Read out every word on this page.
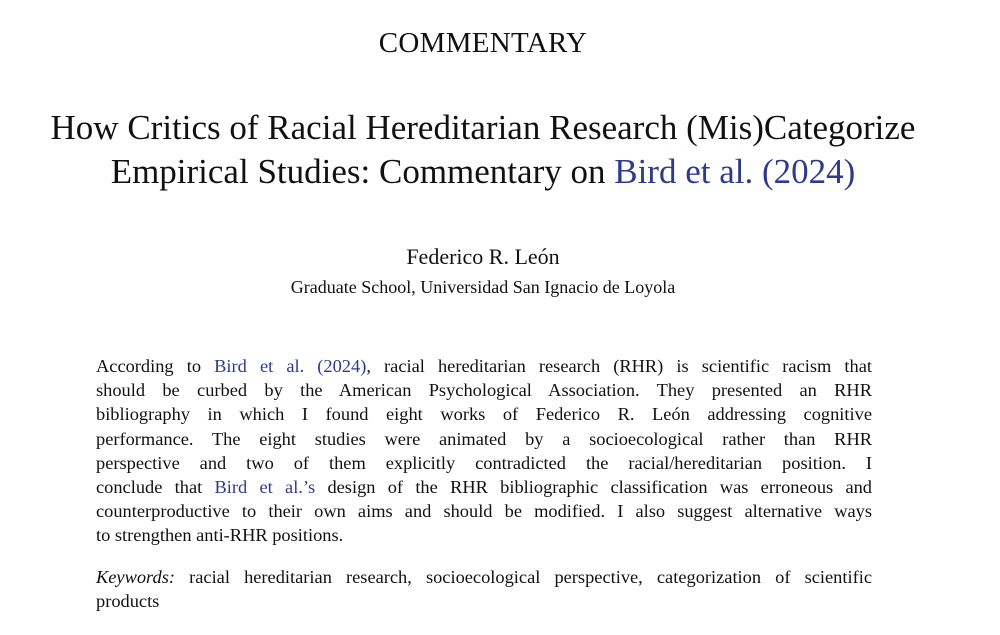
COMMENTARY
How Critics of Racial Hereditarian Research (Mis)Categorize
Empirical Studies: Commentary on Bird et al. (2024)
Federico R. León
Graduate School, Universidad San Ignacio de Loyola
According to Bird et al. (2024), racial hereditarian research (RHR) is scientific racism that
should be curbed by the American Psychological Association. They presented an RHR
bibliography in which I found eight works of Federico R. León addressing cognitive
performance. The eight studies were animated by a socioecological rather than RHR
perspective and two of them explicitly contradicted the racial/hereditarian position. I
conclude that Bird et al.’s design of the RHR bibliographic classification was erroneous and
counterproductive to their own aims and should be modified. I also suggest alternative ways
to strengthen anti-RHR positions.
Keywords: racial hereditarian research, socioecological perspective, categorization of scientific
products
